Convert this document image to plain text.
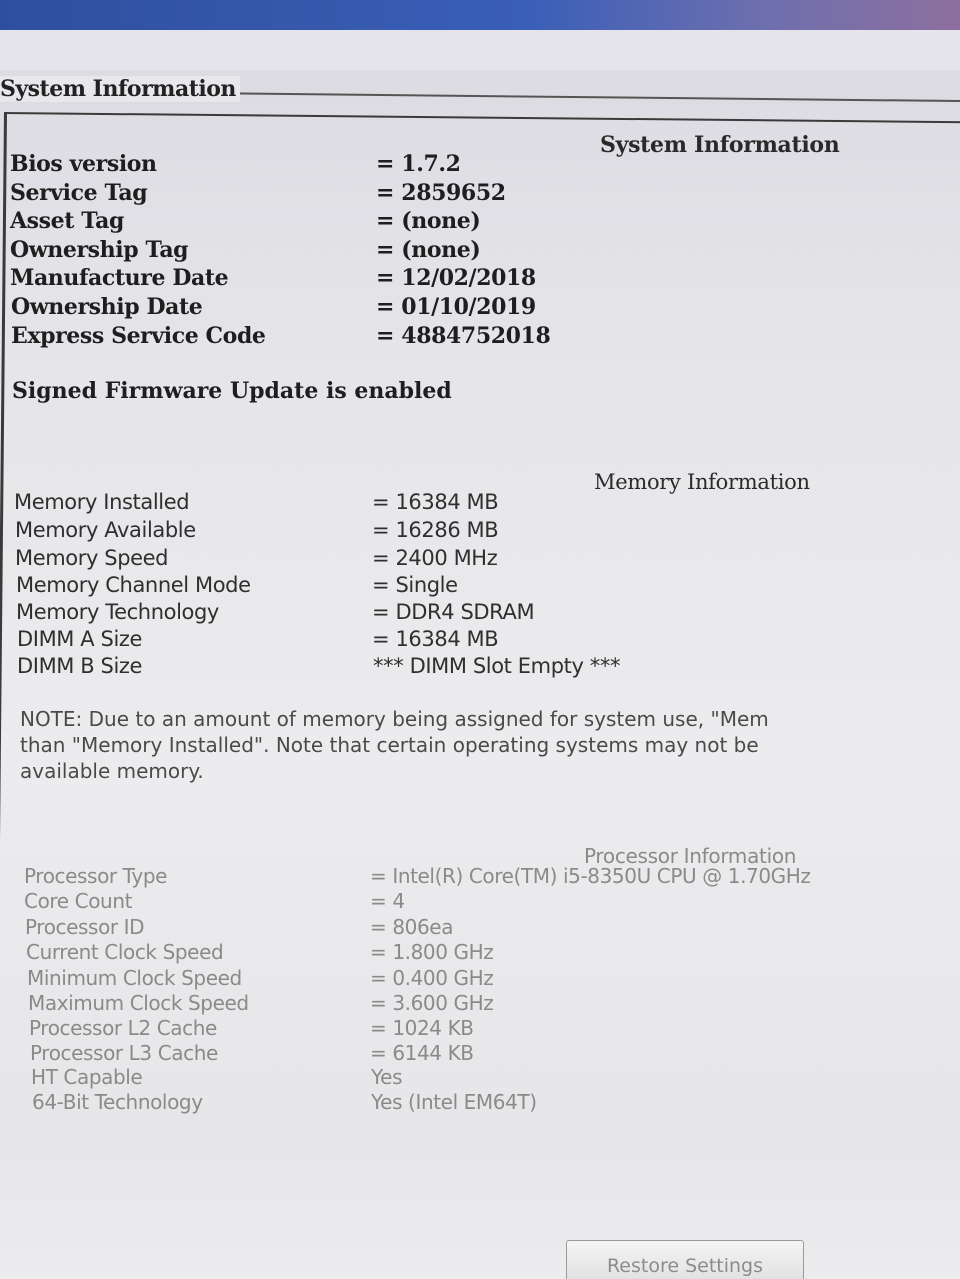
System Information
System Information
Bios version	= 1.7.2
Service Tag	= 2859652
Asset Tag	= (none)
Ownership Tag	= (none)
Manufacture Date	= 12/02/2018
Ownership Date	= 01/10/2019
Express Service Code	= 4884752018
Signed Firmware Update is enabled
Memory Information
Memory Installed	= 16384 MB
Memory Available	= 16286 MB
Memory Speed	= 2400 MHz
Memory Channel Mode	= Single
Memory Technology	= DDR4 SDRAM
DIMM A Size	= 16384 MB
DIMM B Size	*** DIMM Slot Empty ***
NOTE: Due to an amount of memory being assigned for system use, "Mem
than "Memory Installed". Note that certain operating systems may not be
available memory.
Processor Information
Processor Type	= Intel(R) Core(TM) i5-8350U CPU @ 1.70GHz
Core Count	= 4
Processor ID	= 806ea
Current Clock Speed	= 1.800 GHz
Minimum Clock Speed	= 0.400 GHz
Maximum Clock Speed	= 3.600 GHz
Processor L2 Cache	= 1024 KB
Processor L3 Cache	= 6144 KB
HT Capable	Yes
64-Bit Technology	Yes (Intel EM64T)
Restore Settings
